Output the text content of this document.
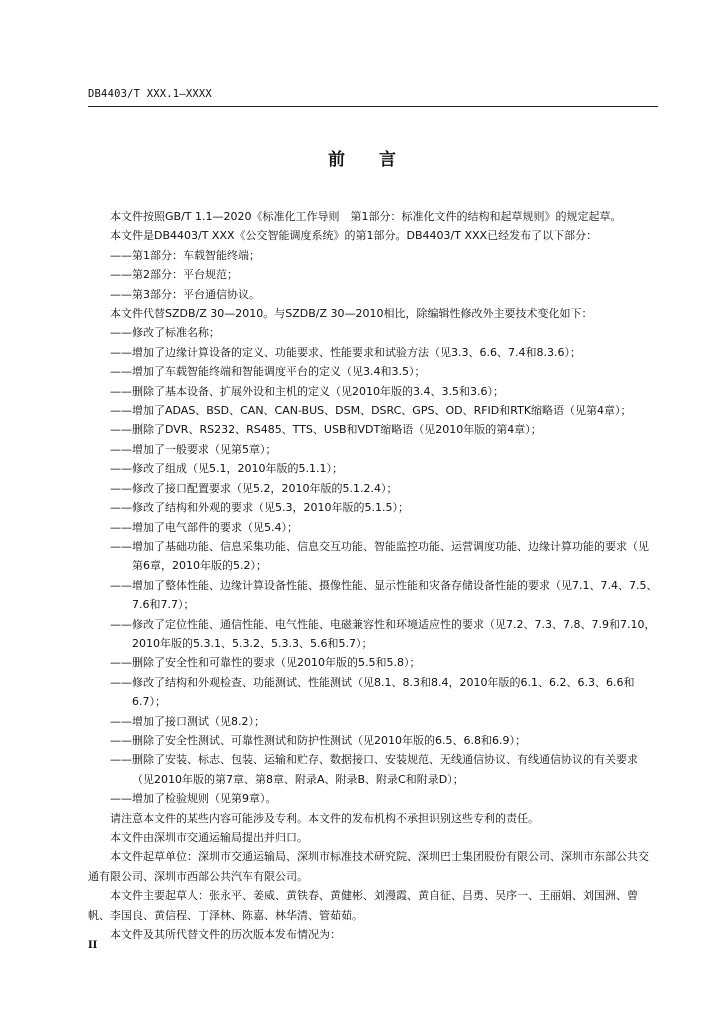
DB4403/T XXX.1—XXXX
前 言
本文件按照GB/T 1.1—2020《标准化工作导则　第1部分：标准化文件的结构和起草规则》的规定起草。
本文件是DB4403/T XXX《公交智能调度系统》的第1部分。DB4403/T XXX已经发布了以下部分：
——第1部分：车载智能终端；
——第2部分：平台规范；
——第3部分：平台通信协议。
本文件代替SZDB/Z 30—2010。与SZDB/Z 30—2010相比，除编辑性修改外主要技术变化如下：
——修改了标准名称；
——增加了边缘计算设备的定义、功能要求、性能要求和试验方法（见3.3、6.6、7.4和8.3.6）；
——增加了车载智能终端和智能调度平台的定义（见3.4和3.5）；
——删除了基本设备、扩展外设和主机的定义（见2010年版的3.4、3.5和3.6）；
——增加了ADAS、BSD、CAN、CAN-BUS、DSM、DSRC、GPS、OD、RFID和RTK缩略语（见第4章）；
——删除了DVR、RS232、RS485、TTS、USB和VDT缩略语（见2010年版的第4章）；
——增加了一般要求（见第5章）；
——修改了组成（见5.1，2010年版的5.1.1）；
——修改了接口配置要求（见5.2，2010年版的5.1.2.4）；
——修改了结构和外观的要求（见5.3，2010年版的5.1.5）；
——增加了电气部件的要求（见5.4）；
——增加了基础功能、信息采集功能、信息交互功能、智能监控功能、运营调度功能、边缘计算功能的要求（见第6章，2010年版的5.2）；
——增加了整体性能、边缘计算设备性能、摄像性能、显示性能和灾备存储设备性能的要求（见7.1、7.4、7.5、7.6和7.7）；
——修改了定位性能、通信性能、电气性能、电磁兼容性和环境适应性的要求（见7.2、7.3、7.8、7.9和7.10，2010年版的5.3.1、5.3.2、5.3.3、5.6和5.7）；
——删除了安全性和可靠性的要求（见2010年版的5.5和5.8）；
——修改了结构和外观检查、功能测试、性能测试（见8.1、8.3和8.4，2010年版的6.1、6.2、6.3、6.6和6.7）；
——增加了接口测试（见8.2）；
——删除了安全性测试、可靠性测试和防护性测试（见2010年版的6.5、6.8和6.9）；
——删除了安装、标志、包装、运输和贮存、数据接口、安装规范、无线通信协议、有线通信协议的有关要求（见2010年版的第7章、第8章、附录A、附录B、附录C和附录D）；
——增加了检验规则（见第9章）。
请注意本文件的某些内容可能涉及专利。本文件的发布机构不承担识别这些专利的责任。
本文件由深圳市交通运输局提出并归口。
本文件起草单位：深圳市交通运输局、深圳市标准技术研究院、深圳巴士集团股份有限公司、深圳市东部公共交通有限公司、深圳市西部公共汽车有限公司。
本文件主要起草人：张永平、姜威、黄铁春、黄健彬、刘漫霞、黄自征、吕勇、吴序一、王丽娟、刘国洲、曾帆、李国良、黄信程、丁泽林、陈嘉、林华清、管茹茹。
本文件及其所代替文件的历次版本发布情况为：
II
